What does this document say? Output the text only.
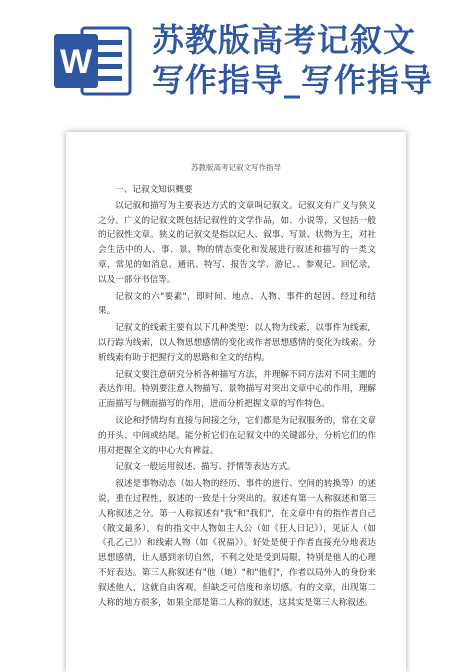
W
苏教版高考记叙文
写作指导_写作指导
苏教版高考记叙文写作指导

一、记叙文知识概要

以记叙和描写为主要表达方式的文章叫记叙文。记叙文有广义与狭义之分。广义的记叙文既包括记叙性的文学作品，如、小说等，又包括一般的记叙性文章。狭义的记叙文是指以记人、叙事、写景、状物为主，对社会生活中的人、事、景、物的情态变化和发展进行叙述和描写的一类文章，常见的如消息、通讯、特写、报告文学、游记、、参观记、回忆录，以及一部分书信等。

记叙文的六"要素"，即时间、地点、人物、事件的起因、经过和结果。

记叙文的线索主要有以下几种类型：以人物为线索，以事件为线索，以行踪为线索，以人物思想感情的变化或作者思想感情的变化为线索。分析线索有助于把握行文的思路和全文的结构。

记叙文要注意研究分析各种描写方法，并理解不同方法对不同主题的表达作用。特别要注意人物描写、景物描写对突出文章中心的作用，理解正面描写与侧面描写的作用，进而分析把握文章的写作特色。

议论和抒情均有直接与间接之分，它们都是为记叙服务的，常在文章的开头、中间或结尾。能分析它们在记叙文中的关键部分，分析它们的作用对把握全文的中心大有裨益。

记叙文一般运用叙述、描写、抒情等表达方式。

叙述是事物动态（如人物的经历、事件的进行、空间的转换等）的述说，重在过程性，叙述的一致是十分突出的。叙述有第一人称叙述和第三人称叙述之分。第一人称叙述有"我"和"我们"，在文章中有的指作者自己（散文最多），有的指文中人物如主人公（如《狂人日记》），见证人（如《孔乙己》）和线索人物（如《祝福》）。好处是便于作者直接充分地表达思想感情，让人感到亲切自然，不利之处是受到局限，特别是他人的心理不好表达。第三人称叙述有"他（她）"和"他们"，作者以局外人的身份来叙述他人，这就自由客观，但缺乏可信度和亲切感。有的文章，出现第二人称的地方很多，如果全部是第二人称的叙述，这其实是第三人称叙述。
